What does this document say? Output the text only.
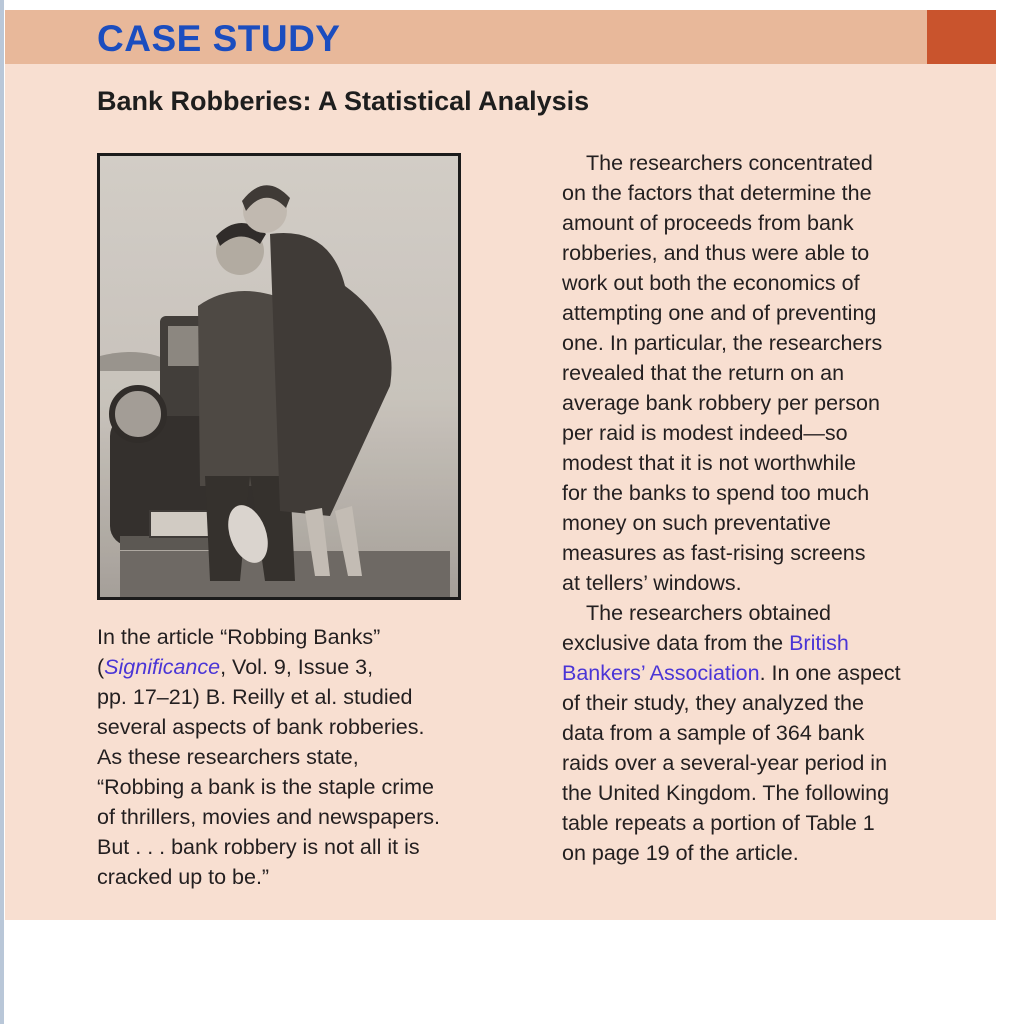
CASE STUDY
Bank Robberies: A Statistical Analysis
In the article “Robbing Banks”
(Significance, Vol. 9, Issue 3,
pp. 17–21) B. Reilly et al. studied
several aspects of bank robberies.
As these researchers state,
“Robbing a bank is the staple crime
of thrillers, movies and newspapers.
But . . . bank robbery is not all it is
cracked up to be.”
The researchers concentrated
on the factors that determine the
amount of proceeds from bank
robberies, and thus were able to
work out both the economics of
attempting one and of preventing
one. In particular, the researchers
revealed that the return on an
average bank robbery per person
per raid is modest indeed—so
modest that it is not worthwhile
for the banks to spend too much
money on such preventative
measures as fast-rising screens
at tellers’ windows.
The researchers obtained
exclusive data from the British
Bankers’ Association. In one aspect
of their study, they analyzed the
data from a sample of 364 bank
raids over a several-year period in
the United Kingdom. The following
table repeats a portion of Table 1
on page 19 of the article.
